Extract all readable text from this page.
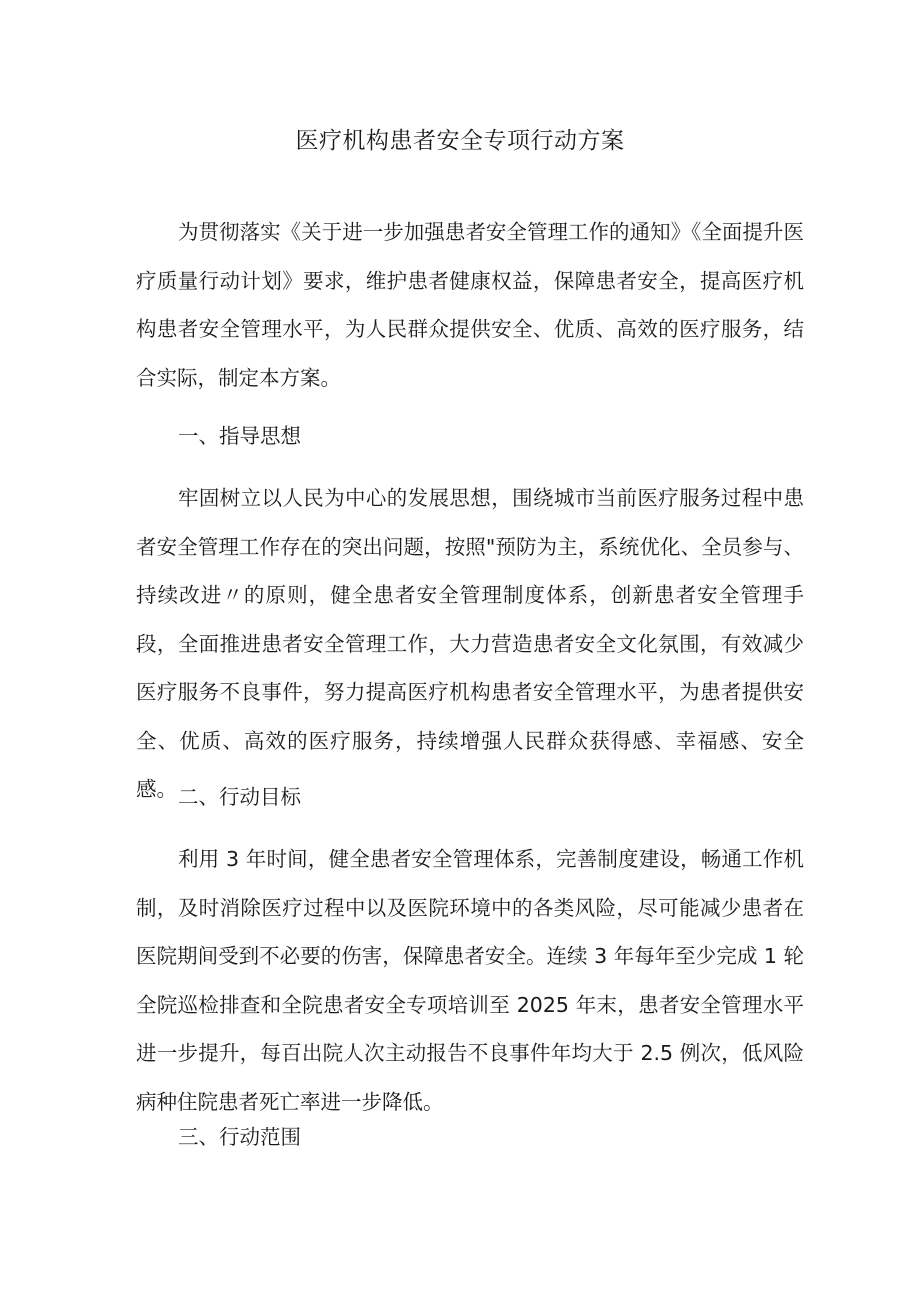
医疗机构患者安全专项行动方案

为贯彻落实《关于进一步加强患者安全管理工作的通知》《全面提升医疗质量行动计划》要求，维护患者健康权益，保障患者安全，提高医疗机构患者安全管理水平，为人民群众提供安全、优质、高效的医疗服务，结合实际，制定本方案。

一、指导思想

牢固树立以人民为中心的发展思想，围绕城市当前医疗服务过程中患者安全管理工作存在的突出问题，按照"预防为主，系统优化、全员参与、持续改进〃的原则，健全患者安全管理制度体系，创新患者安全管理手段，全面推进患者安全管理工作，大力营造患者安全文化氛围，有效减少医疗服务不良事件，努力提高医疗机构患者安全管理水平，为患者提供安全、优质、高效的医疗服务，持续增强人民群众获得感、幸福感、安全感。 二、行动目标

利用 3 年时间，健全患者安全管理体系，完善制度建设，畅通工作机制，及时消除医疗过程中以及医院环境中的各类风险，尽可能减少患者在医院期间受到不必要的伤害，保障患者安全。连续 3 年每年至少完成 1 轮全院巡检排查和全院患者安全专项培训至 2025 年末，患者安全管理水平进一步提升，每百出院人次主动报告不良事件年均大于 2.5 例次，低风险病种住院患者死亡率进一步降低。

三、行动范围
